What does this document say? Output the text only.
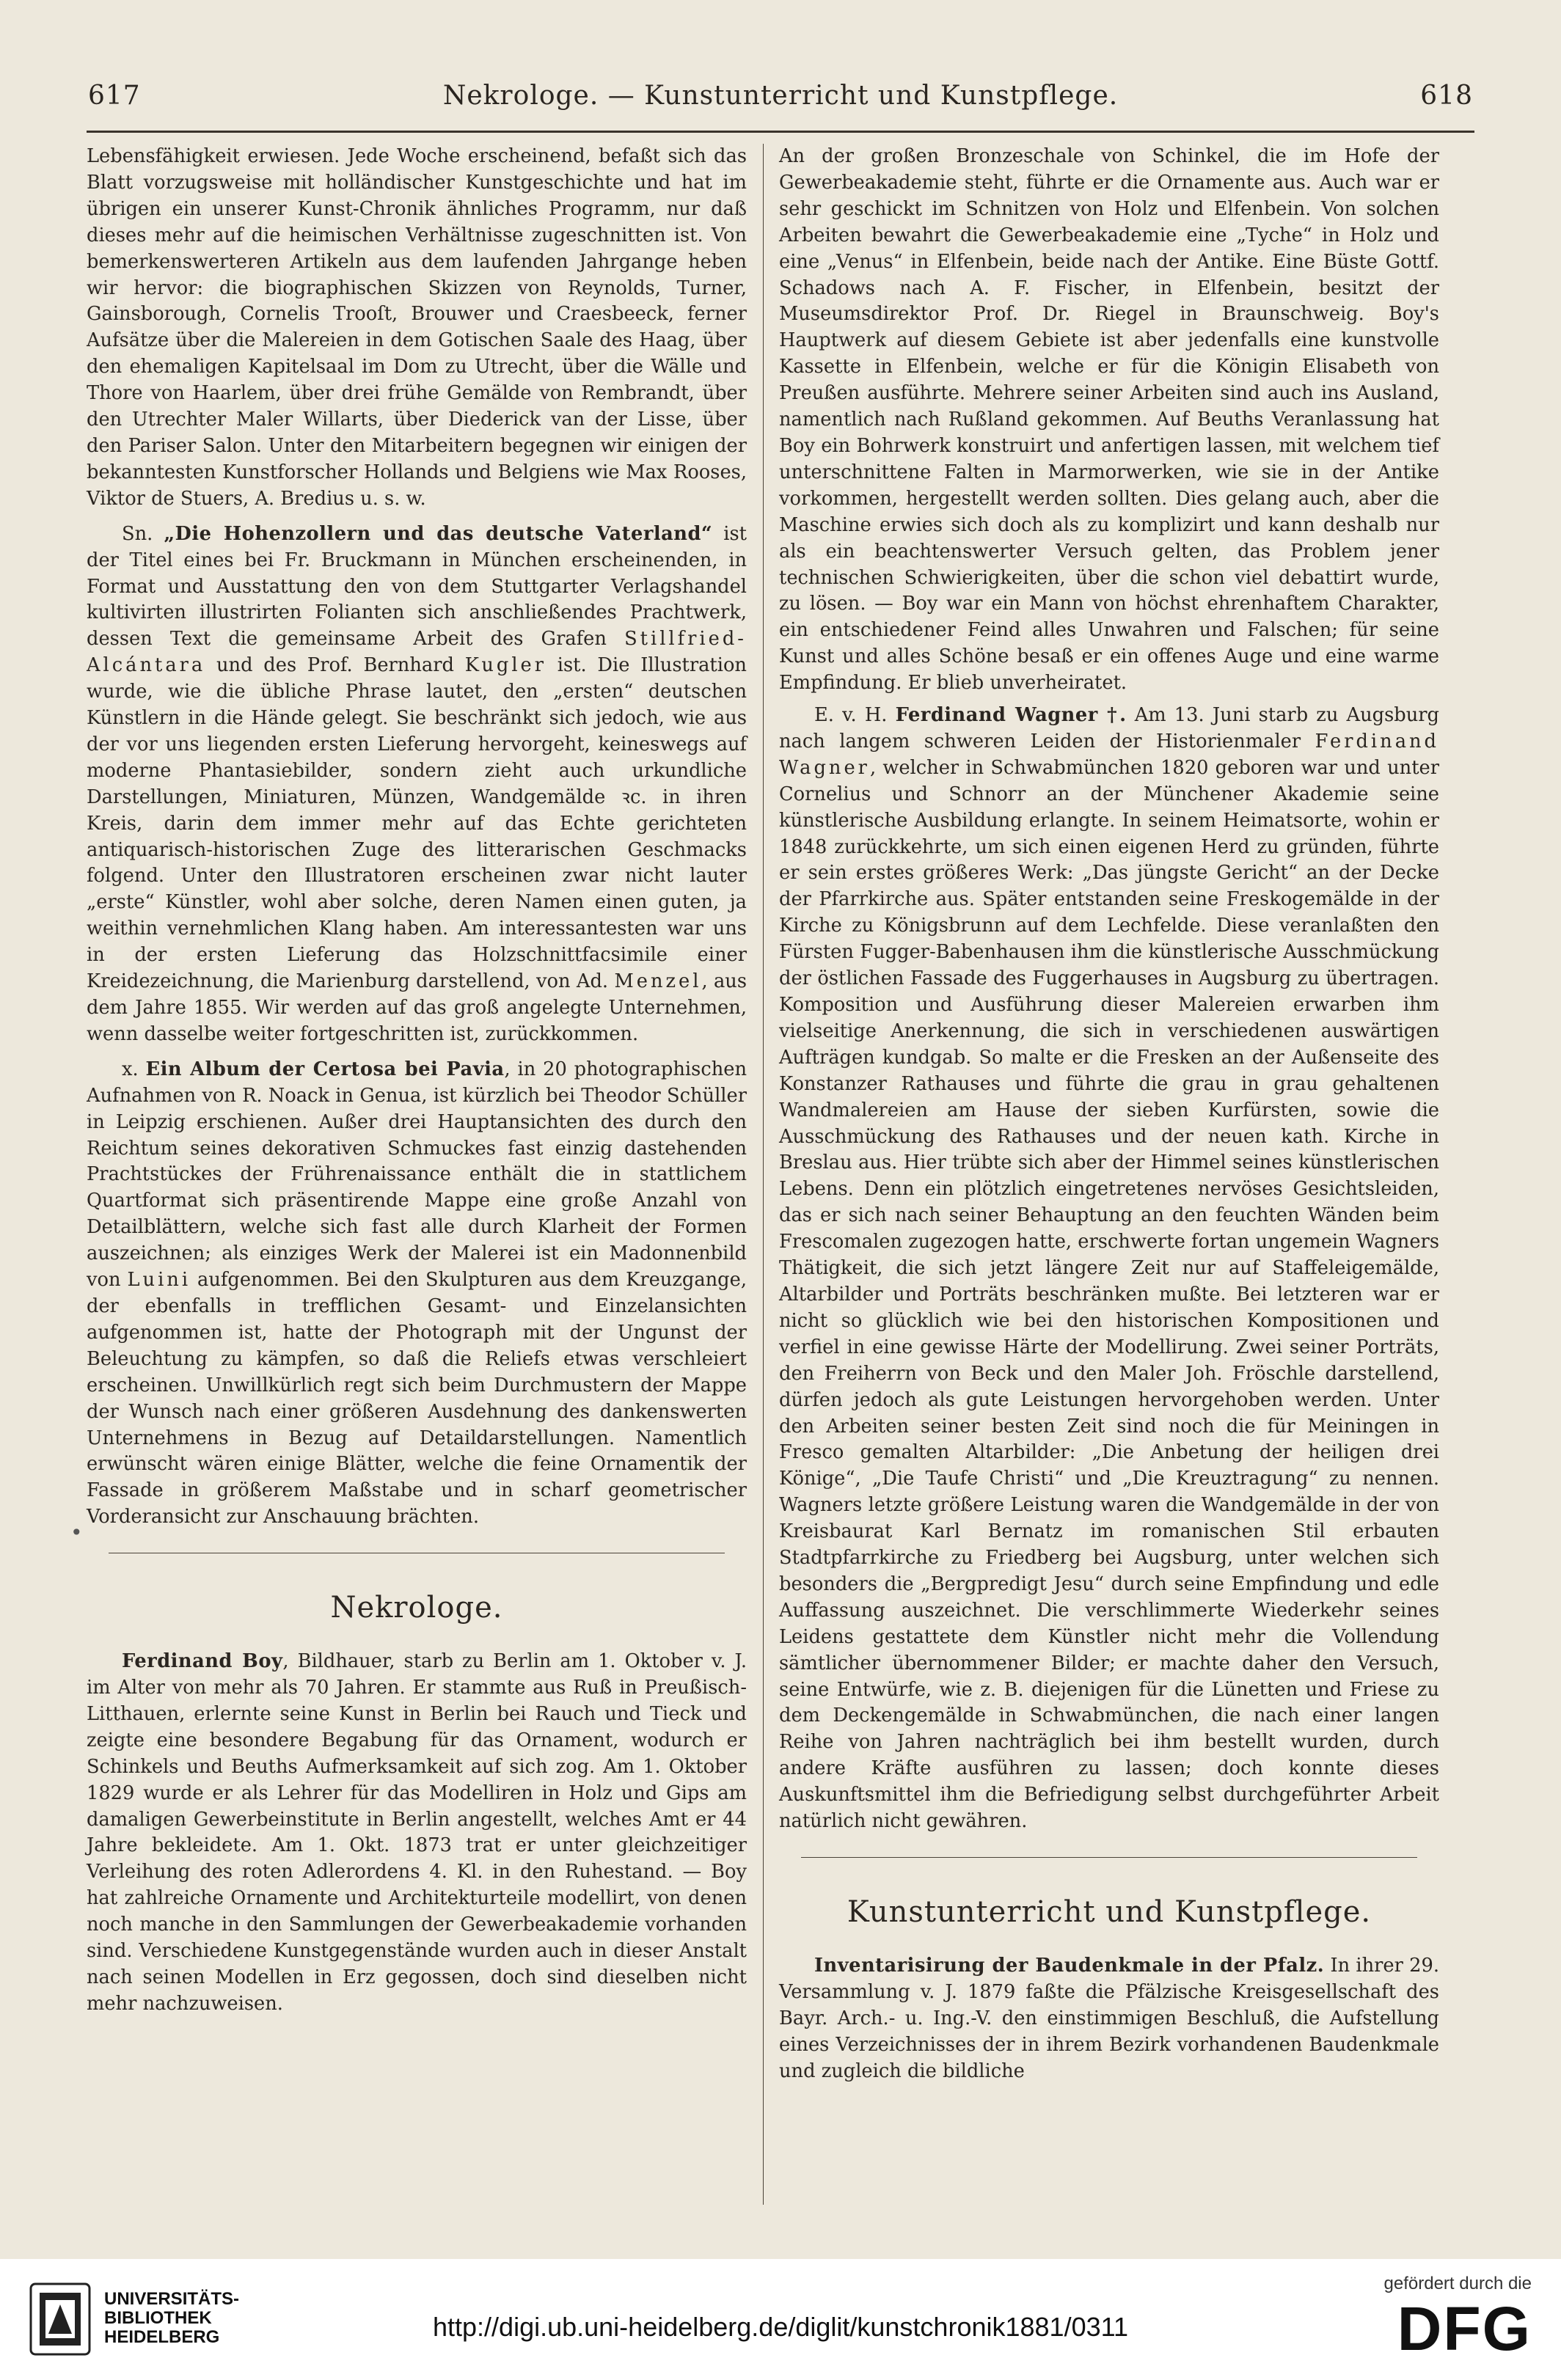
617	Nekrologe. — Kunstunterricht und Kunstpflege.	618

Lebensfähigkeit erwiesen. Jede Woche erscheinend, befaßt sich das Blatt vorzugsweise mit holländischer Kunstgeschichte und hat im übrigen ein unserer Kunst-Chronik ähnliches Programm, nur daß dieses mehr auf die heimischen Verhältnisse zugeschnitten ist. Von bemerkenswerteren Artikeln aus dem laufenden Jahrgange heben wir hervor: die biographischen Skizzen von Reynolds, Turner, Gainsborough, Cornelis Trooſt, Brouwer und Craesbeeck, ferner Aufsätze über die Malereien in dem Gotischen Saale des Haag, über den ehemaligen Kapitelsaal im Dom zu Utrecht, über die Wälle und Thore von Haarlem, über drei frühe Gemälde von Rembrandt, über den Utrechter Maler Willarts, über Diederick van der Lisse, über den Pariser Salon. Unter den Mitarbeitern begegnen wir einigen der bekanntesten Kunstforscher Hollands und Belgiens wie Max Rooses, Viktor de Stuers, A. Bredius u. s. w.

Sn. „Die Hohenzollern und das deutsche Vaterland“ ist der Titel eines bei Fr. Bruckmann in München erscheinenden, in Format und Ausstattung den von dem Stuttgarter Verlagshandel kultivirten illustrirten Folianten sich anschließendes Prachtwerk, dessen Text die gemeinsame Arbeit des Grafen Stillfried-Alcántara und des Prof. Bernhard Kugler ist. Die Illustration wurde, wie die übliche Phrase lautet, den „ersten“ deutschen Künstlern in die Hände gelegt. Sie beschränkt sich jedoch, wie aus der vor uns liegenden ersten Lieferung hervorgeht, keineswegs auf moderne Phantasiebilder, sondern zieht auch urkundliche Darstellungen, Miniaturen, Münzen, Wandgemälde ꝛc. in ihren Kreis, darin dem immer mehr auf das Echte gerichteten antiquarisch-historischen Zuge des litterarischen Geschmacks folgend. Unter den Illustratoren erscheinen zwar nicht lauter „erste“ Künstler, wohl aber solche, deren Namen einen guten, ja weithin vernehmlichen Klang haben. Am interessantesten war uns in der ersten Lieferung das Holzschnittfacsimile einer Kreidezeichnung, die Marienburg darstellend, von Ad. Menzel, aus dem Jahre 1855. Wir werden auf das groß angelegte Unternehmen, wenn dasselbe weiter fortgeschritten ist, zurückkommen.

x. Ein Album der Certosa bei Pavia, in 20 photographischen Aufnahmen von R. Noack in Genua, ist kürzlich bei Theodor Schüller in Leipzig erschienen. Außer drei Hauptansichten des durch den Reichtum seines dekorativen Schmuckes fast einzig dastehenden Prachtstückes der Frührenaissance enthält die in stattlichem Quartformat sich präsentirende Mappe eine große Anzahl von Detailblättern, welche sich fast alle durch Klarheit der Formen auszeichnen; als einziges Werk der Malerei ist ein Madonnenbild von Luini aufgenommen. Bei den Skulpturen aus dem Kreuzgange, der ebenfalls in trefflichen Gesamt- und Einzelansichten aufgenommen ist, hatte der Photograph mit der Ungunst der Beleuchtung zu kämpfen, so daß die Reliefs etwas verschleiert erscheinen. Unwillkürlich regt sich beim Durchmustern der Mappe der Wunsch nach einer größeren Ausdehnung des dankenswerten Unternehmens in Bezug auf Detaildarstellungen. Namentlich erwünscht wären einige Blätter, welche die feine Ornamentik der Fassade in größerem Maßstabe und in scharf geometrischer Vorderansicht zur Anschauung brächten.

Nekrologe.

Ferdinand Boy, Bildhauer, starb zu Berlin am 1. Oktober v. J. im Alter von mehr als 70 Jahren. Er stammte aus Ruß in Preußisch-Litthauen, erlernte seine Kunst in Berlin bei Rauch und Tieck und zeigte eine besondere Begabung für das Ornament, wodurch er Schinkels und Beuths Aufmerksamkeit auf sich zog. Am 1. Oktober 1829 wurde er als Lehrer für das Modelliren in Holz und Gips am damaligen Gewerbeinstitute in Berlin angestellt, welches Amt er 44 Jahre bekleidete. Am 1. Okt. 1873 trat er unter gleichzeitiger Verleihung des roten Adlerordens 4. Kl. in den Ruhestand. — Boy hat zahlreiche Ornamente und Architekturteile modellirt, von denen noch manche in den Sammlungen der Gewerbeakademie vorhanden sind. Verschiedene Kunstgegenstände wurden auch in dieser Anstalt nach seinen Modellen in Erz gegossen, doch sind dieselben nicht mehr nachzuweisen.

•

An der großen Bronzeschale von Schinkel, die im Hofe der Gewerbeakademie steht, führte er die Ornamente aus. Auch war er sehr geschickt im Schnitzen von Holz und Elfenbein. Von solchen Arbeiten bewahrt die Gewerbeakademie eine „Tyche“ in Holz und eine „Venus“ in Elfenbein, beide nach der Antike. Eine Büste Gottf. Schadows nach A. F. Fischer, in Elfenbein, besitzt der Museumsdirektor Prof. Dr. Riegel in Braunschweig. Boy's Hauptwerk auf diesem Gebiete ist aber jedenfalls eine kunstvolle Kassette in Elfenbein, welche er für die Königin Elisabeth von Preußen ausführte. Mehrere seiner Arbeiten sind auch ins Ausland, namentlich nach Rußland gekommen. Auf Beuths Veranlassung hat Boy ein Bohrwerk konstruirt und anfertigen lassen, mit welchem tief unterschnittene Falten in Marmorwerken, wie sie in der Antike vorkommen, hergestellt werden sollten. Dies gelang auch, aber die Maschine erwies sich doch als zu komplizirt und kann deshalb nur als ein beachtenswerter Versuch gelten, das Problem jener technischen Schwierigkeiten, über die schon viel debattirt wurde, zu lösen. — Boy war ein Mann von höchst ehrenhaftem Charakter, ein entschiedener Feind alles Unwahren und Falschen; für seine Kunst und alles Schöne besaß er ein offenes Auge und eine warme Empfindung. Er blieb unverheiratet.

E. v. H. Ferdinand Wagner †. Am 13. Juni starb zu Augsburg nach langem schweren Leiden der Historienmaler Ferdinand Wagner, welcher in Schwabmünchen 1820 geboren war und unter Cornelius und Schnorr an der Münchener Akademie seine künstlerische Ausbildung erlangte. In seinem Heimatsorte, wohin er 1848 zurückkehrte, um sich einen eigenen Herd zu gründen, führte er sein erstes größeres Werk: „Das jüngste Gericht“ an der Decke der Pfarrkirche aus. Später entstanden seine Freskogemälde in der Kirche zu Königsbrunn auf dem Lechfelde. Diese veranlaßten den Fürsten Fugger-Babenhausen ihm die künstlerische Ausschmückung der östlichen Fassade des Fuggerhauses in Augsburg zu übertragen. Komposition und Ausführung dieser Malereien erwarben ihm vielseitige Anerkennung, die sich in verschiedenen auswärtigen Aufträgen kundgab. So malte er die Fresken an der Außenseite des Konstanzer Rathauses und führte die grau in grau gehaltenen Wandmalereien am Hause der sieben Kurfürsten, sowie die Ausschmückung des Rathauses und der neuen kath. Kirche in Breslau aus. Hier trübte sich aber der Himmel seines künstlerischen Lebens. Denn ein plötzlich eingetretenes nervöses Gesichtsleiden, das er sich nach seiner Behauptung an den feuchten Wänden beim Frescomalen zugezogen hatte, erschwerte fortan ungemein Wagners Thätigkeit, die sich jetzt längere Zeit nur auf Staffeleigemälde, Altarbilder und Porträts beschränken mußte. Bei letzteren war er nicht so glücklich wie bei den historischen Kompositionen und verfiel in eine gewisse Härte der Modellirung. Zwei seiner Porträts, den Freiherrn von Beck und den Maler Joh. Fröschle darstellend, dürfen jedoch als gute Leistungen hervorgehoben werden. Unter den Arbeiten seiner besten Zeit sind noch die für Meiningen in Fresco gemalten Altarbilder: „Die Anbetung der heiligen drei Könige“, „Die Taufe Christi“ und „Die Kreuztragung“ zu nennen. Wagners letzte größere Leistung waren die Wandgemälde in der von Kreisbaurat Karl Bernatz im romanischen Stil erbauten Stadtpfarrkirche zu Friedberg bei Augsburg, unter welchen sich besonders die „Bergpredigt Jesu“ durch seine Empfindung und edle Auffassung auszeichnet. Die verschlimmerte Wiederkehr seines Leidens gestattete dem Künstler nicht mehr die Vollendung sämtlicher übernommener Bilder; er machte daher den Versuch, seine Entwürfe, wie z. B. diejenigen für die Lünetten und Friese zu dem Deckengemälde in Schwabmünchen, die nach einer langen Reihe von Jahren nachträglich bei ihm bestellt wurden, durch andere Kräfte ausführen zu lassen; doch konnte dieses Auskunftsmittel ihm die Befriedigung selbst durchgeführter Arbeit natürlich nicht gewähren.

Kunstunterricht und Kunstpflege.

Inventarisirung der Baudenkmale in der Pfalz. In ihrer 29. Versammlung v. J. 1879 faßte die Pfälzische Kreisgesellschaft des Bayr. Arch.- u. Ing.-V. den einstimmigen Beschluß, die Aufstellung eines Verzeichnisses der in ihrem Bezirk vorhandenen Baudenkmale und zugleich die bildliche

UNIVERSITÄTS-
BIBLIOTHEK
HEIDELBERG	http://digi.ub.uni-heidelberg.de/diglit/kunstchronik1881/0311
gefördert durch die
DFG
